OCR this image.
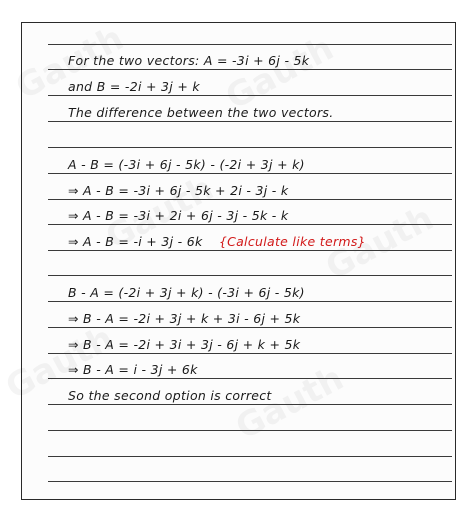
For the two vectors: A = -3i + 6j - 5k
and B = -2i + 3j + k
The difference between the two vectors.
A - B = (-3i + 6j - 5k) - (-2i + 3j + k)
⇒ A - B = -3i + 6j - 5k + 2i - 3j - k
⇒ A - B = -3i + 2i + 6j - 3j - 5k - k
⇒ A - B = -i + 3j - 6k {Calculate like terms}
B - A = (-2i + 3j + k) - (-3i + 6j - 5k)
⇒ B - A = -2i + 3j + k + 3i - 6j + 5k
⇒ B - A = -2i + 3i + 3j - 6j + k + 5k
⇒ B - A = i - 3j + 6k
So the second option is correct
